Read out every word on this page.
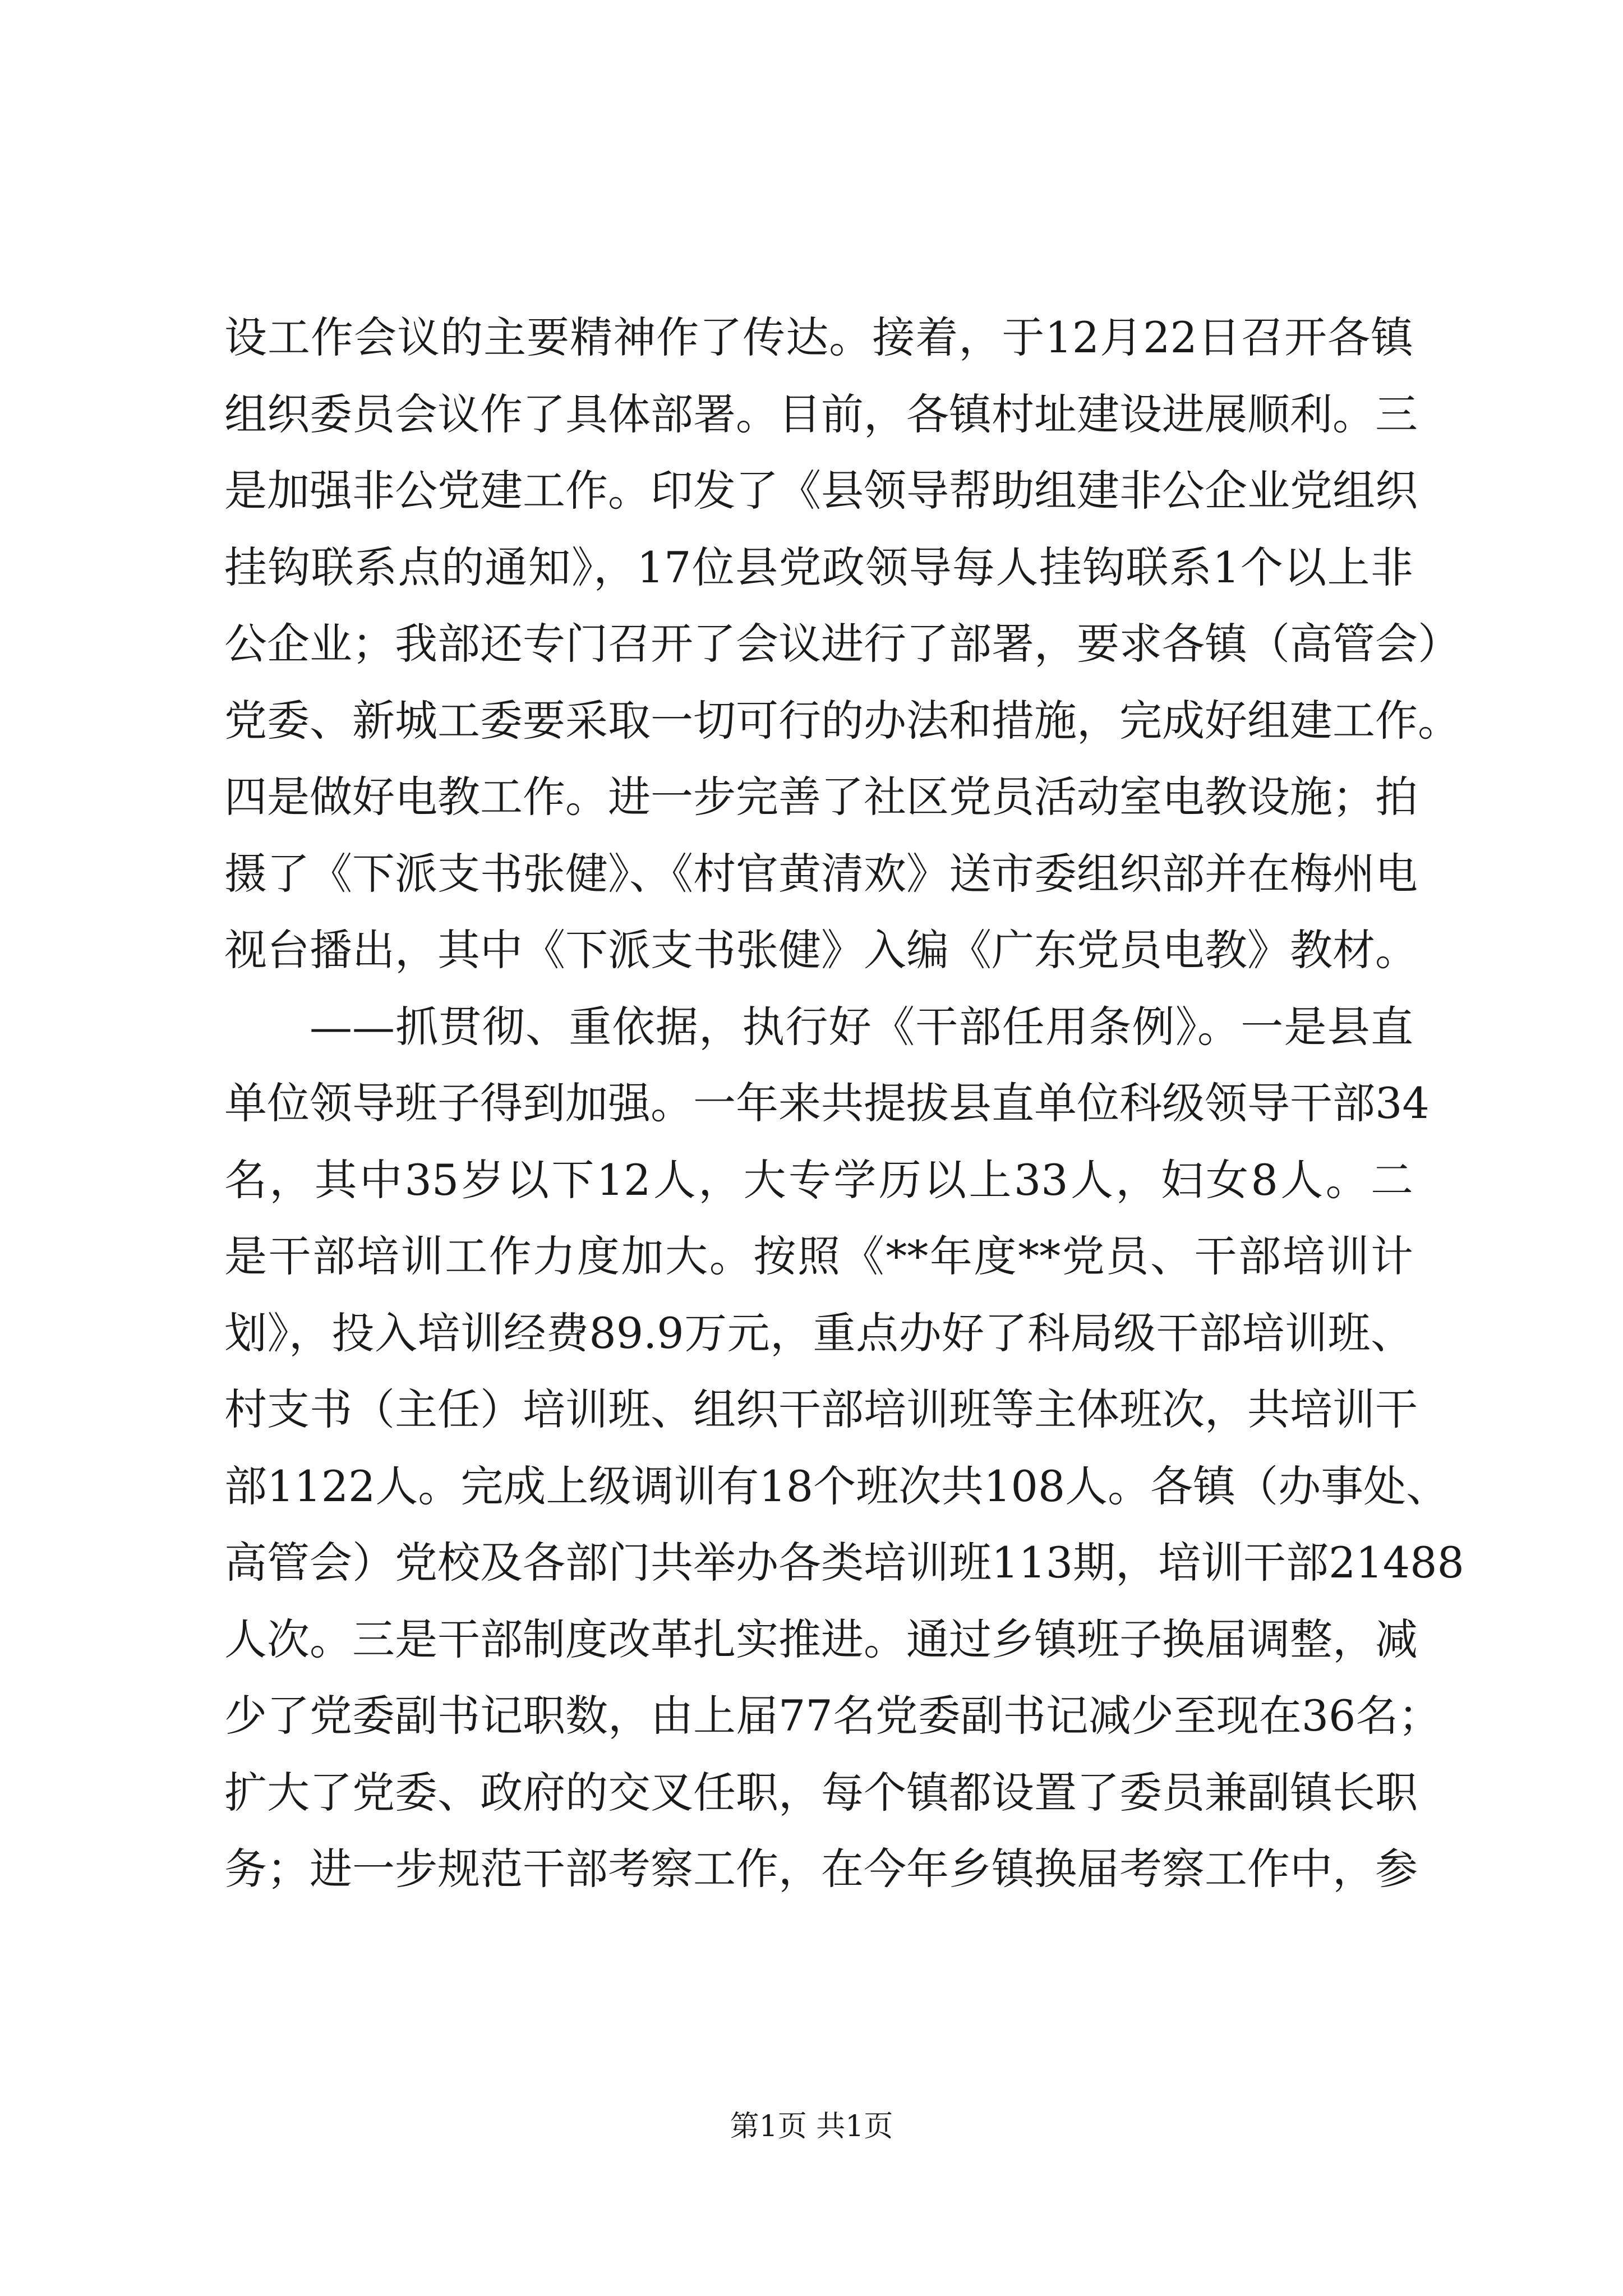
设工作会议的主要精神作了传达。接着，于12月22日召开各镇
组织委员会议作了具体部署。目前，各镇村址建设进展顺利。三
是加强非公党建工作。印发了《县领导帮助组建非公企业党组织
挂钩联系点的通知》，17位县党政领导每人挂钩联系1个以上非
公企业；我部还专门召开了会议进行了部署，要求各镇（高管会）
党委、新城工委要采取一切可行的办法和措施，完成好组建工作。
四是做好电教工作。进一步完善了社区党员活动室电教设施；拍
摄了《下派支书张健》、《村官黄清欢》送市委组织部并在梅州电
视台播出，其中《下派支书张健》入编《广东党员电教》教材。
——抓贯彻、重依据，执行好《干部任用条例》。一是县直
单位领导班子得到加强。一年来共提拔县直单位科级领导干部34
名，其中35岁以下12人，大专学历以上33人，妇女8人。二
是干部培训工作力度加大。按照《**年度**党员、干部培训计
划》，投入培训经费89.9万元，重点办好了科局级干部培训班、
村支书（主任）培训班、组织干部培训班等主体班次，共培训干
部1122人。完成上级调训有18个班次共108人。各镇（办事处、
高管会）党校及各部门共举办各类培训班113期，培训干部21488
人次。三是干部制度改革扎实推进。通过乡镇班子换届调整，减
少了党委副书记职数，由上届77名党委副书记减少至现在36名；
扩大了党委、政府的交叉任职，每个镇都设置了委员兼副镇长职
务；进一步规范干部考察工作，在今年乡镇换届考察工作中，参
第1页 共1页
